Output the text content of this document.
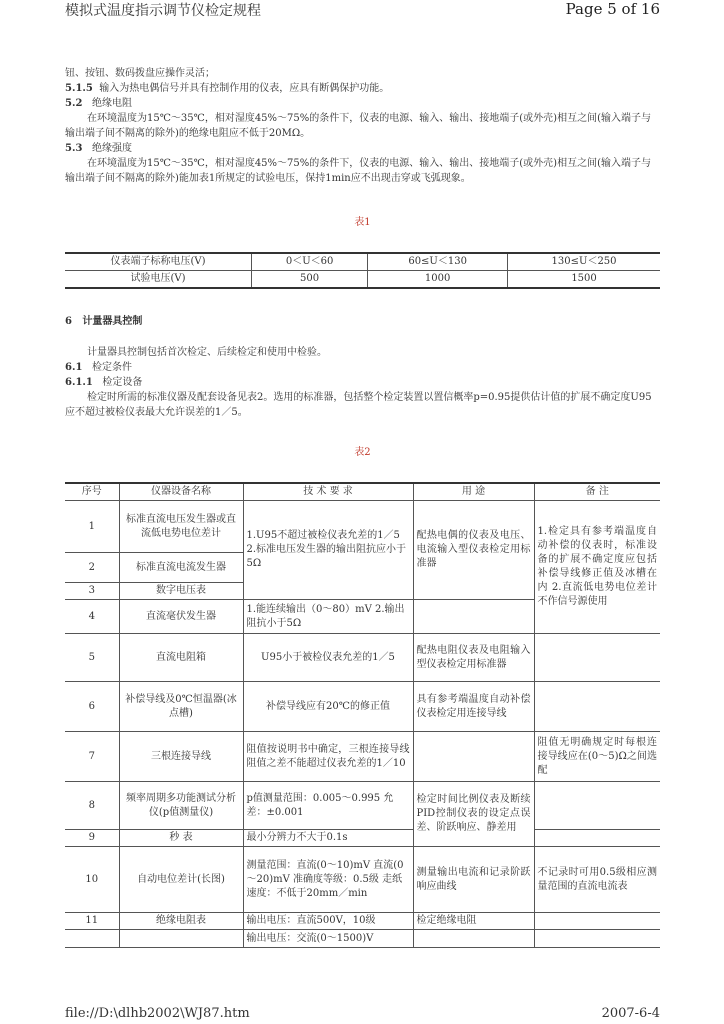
模拟式温度指示调节仪检定规程	Page 5 of 16

钮、按钮、数码拨盘应操作灵活；

5.1.5 输入为热电偶信号并具有控制作用的仪表，应具有断偶保护功能。

5.2 绝缘电阻

在环境温度为15℃～35℃，相对湿度45%～75%的条件下，仪表的电源、输入、输出、接地端子(或外壳)相互之间(输入端子与输出端子间不隔离的除外)的绝缘电阻应不低于20MΩ。

5.3 绝缘强度

在环境温度为15℃～35℃，相对湿度45%～75%的条件下，仪表的电源、输入、输出、接地端子(或外壳)相互之间(输入端子与输出端子间不隔离的除外)能加表1所规定的试验电压，保持1min应不出现击穿或飞弧现象。

表1
仪表端子标称电压(V)	0＜U＜60	60≤U＜130	130≤U＜250
试验电压(V)	500	1000	1500

6 计量器具控制

计量器具控制包括首次检定、后续检定和使用中检验。

6.1 检定条件

6.1.1 检定设备

检定时所需的标准仪器及配套设备见表2。选用的标准器，包括整个检定装置以置信概率p=0.95提供估计值的扩展不确定度U95应不超过被检仪表最大允许误差的1／5。

表2
序号	仪器设备名称	技 术 要 求	用 途	备 注
1	标准直流电压发生器或直流低电势电位差计	1.U95不超过被检仪表允差的1／5 2.标准电压发生器的输出阻抗应小于5Ω	配热电偶的仪表及电压、电流输入型仪表检定用标准器	1.检定具有参考端温度自动补偿的仪表时，标准设备的扩展不确定度应包括补偿导线修正值及冰槽在内 2.直流低电势电位差计不作信号源使用
2	标准直流电流发生器			
3	数字电压表			
4	直流毫伏发生器	1.能连续输出（0～80）mV 2.输出阻抗小于5Ω		
5	直流电阻箱	U95小于被检仪表允差的1／5	配热电阻仪表及电阻输入型仪表检定用标准器	
6	补偿导线及0℃恒温器(冰点槽)	补偿导线应有20℃的修正值	具有参考端温度自动补偿仪表检定用连接导线	
7	三根连接导线	阻值按说明书中确定，三根连接导线阻值之差不能超过仪表允差的1／10		阻值无明确规定时每根连接导线应在(0～5)Ω之间选配
8	频率周期多功能测试分析仪(p值测量仪)	p值测量范围：0.005～0.995 允差：±0.001	检定时间比例仪表及断续PID控制仪表的设定点误差、阶跃响应、静差用	
9	秒 表	最小分辨力不大于0.1s		
10	自动电位差计(长图)	测量范围：直流(0～10)mV 直流(0～20)mV 准确度等级：0.5级 走纸速度：不低于20mm／min	测量输出电流和记录阶跃响应曲线	不记录时可用0.5级相应测量范围的直流电流表
11	绝缘电阻表	输出电压：直流500V，10级	检定绝缘电阻	
		输出电压：交流(0～1500)V		
file://D:\dlhb2002\WJ87.htm	2007-6-4
